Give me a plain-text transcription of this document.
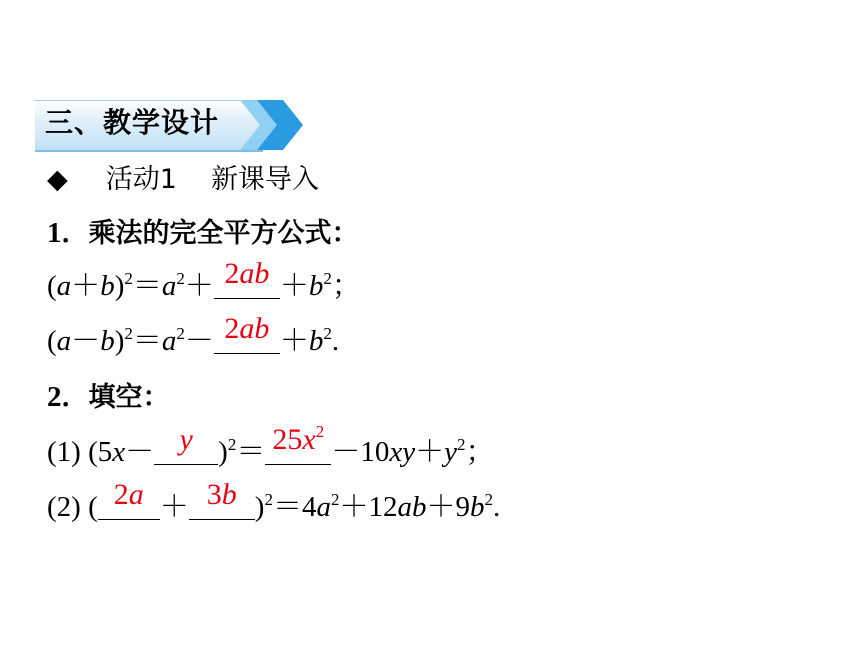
三、教学设计
◆ 活动1 新课导入
1．乘法的完全平方公式：
$(a+b)^2=a^2+ 2ab +b^2$；
$(a-b)^2=a^2- 2ab +b^2$.
2．填空：
(1) (5x－ y )$^2= 25x^2$
$-10xy+y^2$；
(2) ( 2a ＋ 3b )$^2=4a^2+12ab+9b^2$.
